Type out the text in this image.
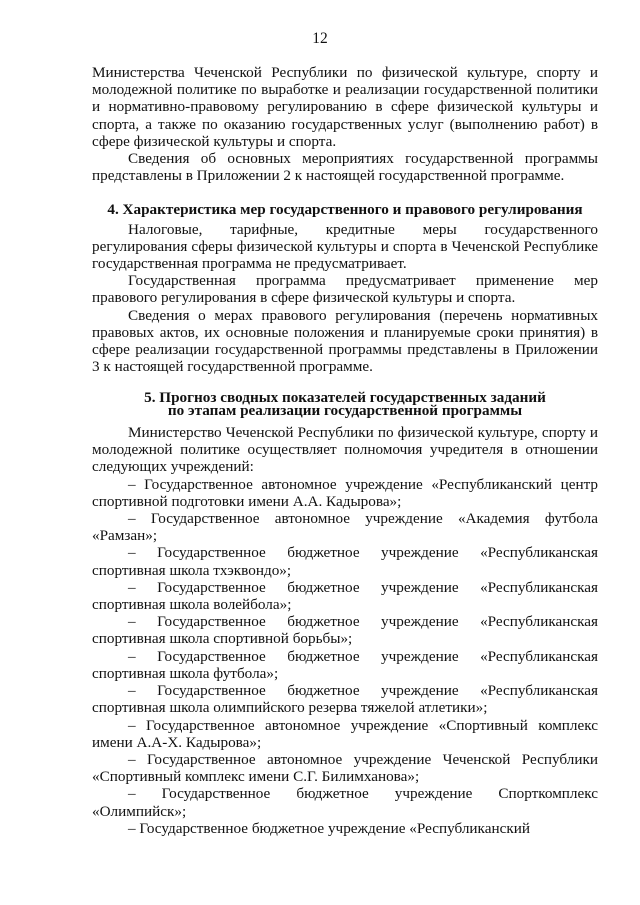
12

Министерства Чеченской Республики по физической культуре, спорту и молодежной политике по выработке и реализации государственной политики и нормативно-правовому регулированию в сфере физической культуры и спорта, а также по оказанию государственных услуг (выполнению работ) в сфере физической культуры и спорта.

Сведения об основных мероприятиях государственной программы представлены в Приложении 2 к настоящей государственной программе.

4. Характеристика мер государственного и правового регулирования

Налоговые, тарифные, кредитные меры государственного регулирования сферы физической культуры и спорта в Чеченской Республике государственная программа не предусматривает.

Государственная программа предусматривает применение мер правового регулирования в сфере физической культуры и спорта.

Сведения о мерах правового регулирования (перечень нормативных правовых актов, их основные положения и планируемые сроки принятия) в сфере реализации государственной программы представлены в Приложении 3 к настоящей государственной программе.

5. Прогноз сводных показателей государственных заданий
по этапам реализации государственной программы

Министерство Чеченской Республики по физической культуре, спорту и молодежной политике осуществляет полномочия учредителя в отношении следующих учреждений:

– Государственное автономное учреждение «Республиканский центр спортивной подготовки имени А.А. Кадырова»;

– Государственное автономное учреждение «Академия футбола «Рамзан»;

– Государственное бюджетное учреждение «Республиканская спортивная школа тхэквондо»;

– Государственное бюджетное учреждение «Республиканская спортивная школа волейбола»;

– Государственное бюджетное учреждение «Республиканская спортивная школа спортивной борьбы»;

– Государственное бюджетное учреждение «Республиканская спортивная школа футбола»;

– Государственное бюджетное учреждение «Республиканская спортивная школа олимпийского резерва тяжелой атлетики»;

– Государственное автономное учреждение «Спортивный комплекс имени А.А-Х. Кадырова»;

– Государственное автономное учреждение Чеченской Республики «Спортивный комплекс имени С.Г. Билимханова»;

– Государственное бюджетное учреждение Спорткомплекс «Олимпийск»;

– Государственное бюджетное учреждение «Республиканский
